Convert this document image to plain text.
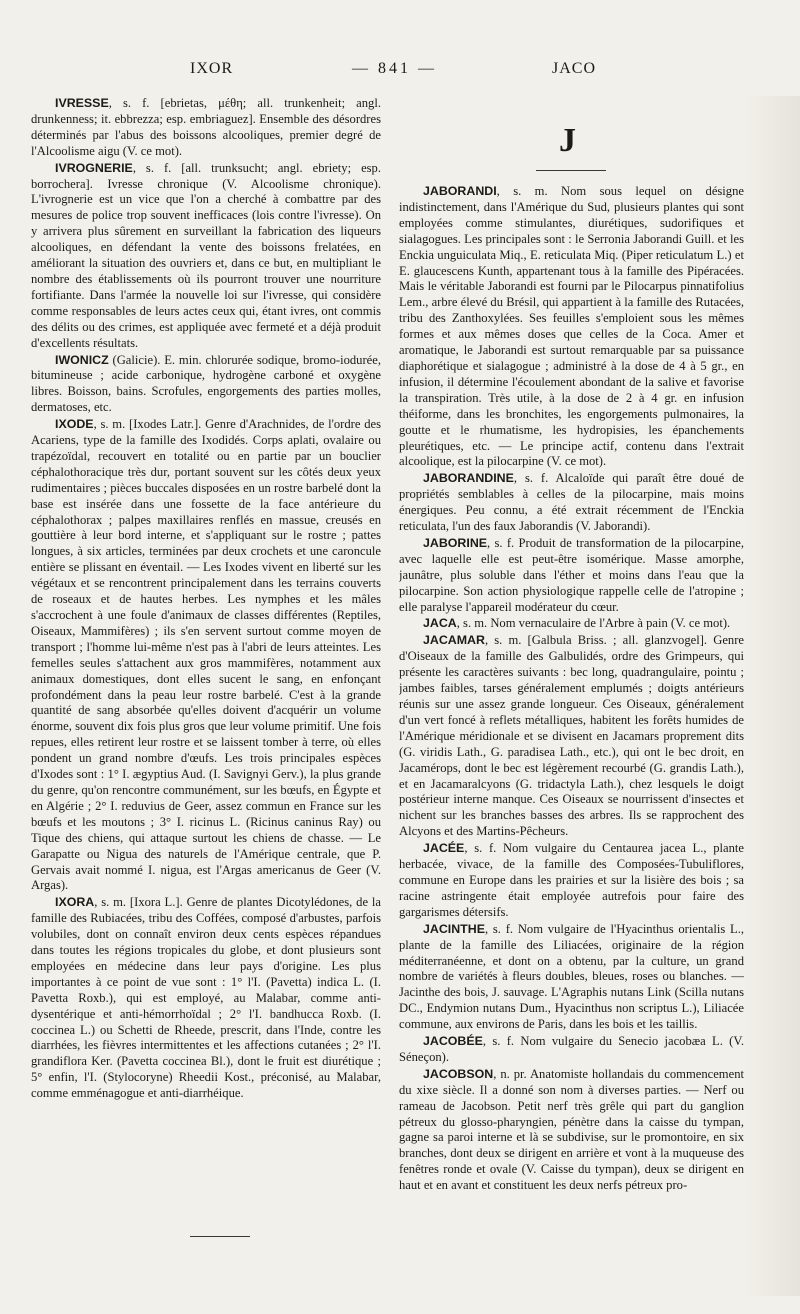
IXOR	— 841 —	JACO

IVRESSE, s. f. [ebrietas, μέθη; all. trunkenheit; angl. drunkenness; it. ebbrezza; esp. embriaguez]. Ensemble des désordres déterminés par l'abus des boissons alcooliques, premier degré de l'Alcoolisme aigu (V. ce mot).

IVROGNERIE, s. f. [all. trunksucht; angl. ebriety; esp. borrochera]. Ivresse chronique (V. Alcoolisme chronique). L'ivrognerie est un vice que l'on a cherché à combattre par des mesures de police trop souvent inefficaces (lois contre l'ivresse). On y arrivera plus sûrement en surveillant la fabrication des liqueurs alcooliques, en défendant la vente des boissons frelatées, en améliorant la situation des ouvriers et, dans ce but, en multipliant le nombre des établissements où ils pourront trouver une nourriture fortifiante. Dans l'armée la nouvelle loi sur l'ivresse, qui considère comme responsables de leurs actes ceux qui, étant ivres, ont commis des délits ou des crimes, est appliquée avec fermeté et a déjà produit d'excellents résultats.

IWONICZ (Galicie). E. min. chlorurée sodique, bromo-iodurée, bitumineuse ; acide carbonique, hydrogène carboné et oxygène libres. Boisson, bains. Scrofules, engorgements des parties molles, dermatoses, etc.

IXODE, s. m. [Ixodes Latr.]. Genre d'Arachnides, de l'ordre des Acariens, type de la famille des Ixodidés. Corps aplati, ovalaire ou trapézoïdal, recouvert en totalité ou en partie par un bouclier céphalothoracique très dur, portant souvent sur les côtés deux yeux rudimentaires ; pièces buccales disposées en un rostre barbelé dont la base est insérée dans une fossette de la face antérieure du céphalothorax ; palpes maxillaires renflés en massue, creusés en gouttière à leur bord interne, et s'appliquant sur le rostre ; pattes longues, à six articles, terminées par deux crochets et une caroncule entière se plissant en éventail. — Les Ixodes vivent en liberté sur les végétaux et se rencontrent principalement dans les terrains couverts de roseaux et de hautes herbes. Les nymphes et les mâles s'accrochent à une foule d'animaux de classes différentes (Reptiles, Oiseaux, Mammifères) ; ils s'en servent surtout comme moyen de transport ; l'homme lui-même n'est pas à l'abri de leurs atteintes. Les femelles seules s'attachent aux gros mammifères, notamment aux animaux domestiques, dont elles sucent le sang, en enfonçant profondément dans la peau leur rostre barbelé. C'est à la grande quantité de sang absorbée qu'elles doivent d'acquérir un volume énorme, souvent dix fois plus gros que leur volume primitif. Une fois repues, elles retirent leur rostre et se laissent tomber à terre, où elles pondent un grand nombre d'œufs. Les trois principales espèces d'Ixodes sont : 1° I. ægyptius Aud. (I. Savignyi Gerv.), la plus grande du genre, qu'on rencontre communément, sur les bœufs, en Égypte et en Algérie ; 2° I. reduvius de Geer, assez commun en France sur les bœufs et les moutons ; 3° I. ricinus L. (Ricinus caninus Ray) ou Tique des chiens, qui attaque surtout les chiens de chasse. — Le Garapatte ou Nigua des naturels de l'Amérique centrale, que P. Gervais avait nommé I. nigua, est l'Argas americanus de Geer (V. Argas).

IXORA, s. m. [Ixora L.]. Genre de plantes Dicotylédones, de la famille des Rubiacées, tribu des Coffées, composé d'arbustes, parfois volubiles, dont on connaît environ deux cents espèces répandues dans toutes les régions tropicales du globe, et dont plusieurs sont employées en médecine dans leur pays d'origine. Les plus importantes à ce point de vue sont : 1° l'I. (Pavetta) indica L. (I. Pavetta Roxb.), qui est employé, au Malabar, comme anti-dysentérique et anti-hémorrhoïdal ; 2° l'I. bandhucca Roxb. (I. coccinea L.) ou Schetti de Rheede, prescrit, dans l'Inde, contre les diarrhées, les fièvres intermittentes et les affections cutanées ; 2° l'I. grandiflora Ker. (Pavetta coccinea Bl.), dont le fruit est diurétique ; 5° enfin, l'I. (Stylocoryne) Rheedii Kost., préconisé, au Malabar, comme emménagogue et anti-diarrhéique.

J

JABORANDI, s. m. Nom sous lequel on désigne indistinctement, dans l'Amérique du Sud, plusieurs plantes qui sont employées comme stimulantes, diurétiques, sudorifiques et sialagogues. Les principales sont : le Serronia Jaborandi Guill. et les Enckia unguiculata Miq., E. reticulata Miq. (Piper reticulatum L.) et E. glaucescens Kunth, appartenant tous à la famille des Pipéracées. Mais le véritable Jaborandi est fourni par le Pilocarpus pinnatifolius Lem., arbre élevé du Brésil, qui appartient à la famille des Rutacées, tribu des Zanthoxylées. Ses feuilles s'emploient sous les mêmes formes et aux mêmes doses que celles de la Coca. Amer et aromatique, le Jaborandi est surtout remarquable par sa puissance diaphorétique et sialagogue ; administré à la dose de 4 à 5 gr., en infusion, il détermine l'écoulement abondant de la salive et favorise la transpiration. Très utile, à la dose de 2 à 4 gr. en infusion théiforme, dans les bronchites, les engorgements pulmonaires, la goutte et le rhumatisme, les hydropisies, les épanchements pleurétiques, etc. — Le principe actif, contenu dans l'extrait alcoolique, est la pilocarpine (V. ce mot).

JABORANDINE, s. f. Alcaloïde qui paraît être doué de propriétés semblables à celles de la pilocarpine, mais moins énergiques. Peu connu, a été extrait récemment de l'Enckia reticulata, l'un des faux Jaborandis (V. Jaborandi).

JABORINE, s. f. Produit de transformation de la pilocarpine, avec laquelle elle est peut-être isomérique. Masse amorphe, jaunâtre, plus soluble dans l'éther et moins dans l'eau que la pilocarpine. Son action physiologique rappelle celle de l'atropine ; elle paralyse l'appareil modérateur du cœur.

JACA, s. m. Nom vernaculaire de l'Arbre à pain (V. ce mot).

JACAMAR, s. m. [Galbula Briss. ; all. glanzvogel]. Genre d'Oiseaux de la famille des Galbulidés, ordre des Grimpeurs, qui présente les caractères suivants : bec long, quadrangulaire, pointu ; jambes faibles, tarses généralement emplumés ; doigts antérieurs réunis sur une assez grande longueur. Ces Oiseaux, généralement d'un vert foncé à reflets métalliques, habitent les forêts humides de l'Amérique méridionale et se divisent en Jacamars proprement dits (G. viridis Lath., G. paradisea Lath., etc.), qui ont le bec droit, en Jacamérops, dont le bec est légèrement recourbé (G. grandis Lath.), et en Jacamaralcyons (G. tridactyla Lath.), chez lesquels le doigt postérieur interne manque. Ces Oiseaux se nourrissent d'insectes et nichent sur les branches basses des arbres. Ils se rapprochent des Alcyons et des Martins-Pêcheurs.

JACÉE, s. f. Nom vulgaire du Centaurea jacea L., plante herbacée, vivace, de la famille des Composées-Tubuliflores, commune en Europe dans les prairies et sur la lisière des bois ; sa racine astringente était employée autrefois pour faire des gargarismes détersifs.

JACINTHE, s. f. Nom vulgaire de l'Hyacinthus orientalis L., plante de la famille des Liliacées, originaire de la région méditerranéenne, et dont on a obtenu, par la culture, un grand nombre de variétés à fleurs doubles, bleues, roses ou blanches. — Jacinthe des bois, J. sauvage. L'Agraphis nutans Link (Scilla nutans DC., Endymion nutans Dum., Hyacinthus non scriptus L.), Liliacée commune, aux environs de Paris, dans les bois et les taillis.

JACOBÉE, s. f. Nom vulgaire du Senecio jacobæa L. (V. Séneçon).

JACOBSON, n. pr. Anatomiste hollandais du commencement du xixe siècle. Il a donné son nom à diverses parties. — Nerf ou rameau de Jacobson. Petit nerf très grêle qui part du ganglion pétreux du glosso-pharyngien, pénètre dans la caisse du tympan, gagne sa paroi interne et là se subdivise, sur le promontoire, en six branches, dont deux se dirigent en arrière et vont à la muqueuse des fenêtres ronde et ovale (V. Caisse du tympan), deux se dirigent en haut et en avant et constituent les deux nerfs pétreux pro-
